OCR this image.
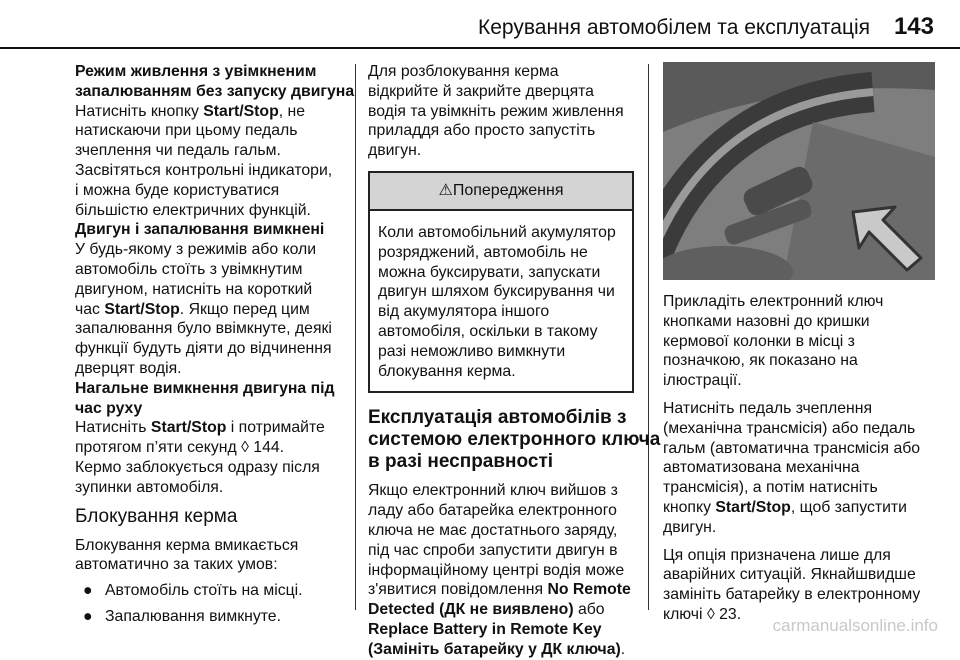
Керування автомобілем та експлуатація 143
Режим живлення з увімкненим
запалюванням без запуску двигуна
Натисніть кнопку Start/Stop, не
натискаючи при цьому педаль
зчеплення чи педаль гальм.
Засвітяться контрольні індикатори,
і можна буде користуватися
більшістю електричних функцій.
Двигун і запалювання вимкнені
У будь-якому з режимів або коли
автомобіль стоїть з увімкнутим
двигуном, натисніть на короткий
час Start/Stop. Якщо перед цим
запалювання було ввімкнуте, деякі
функції будуть діяти до відчинення
дверцят водія.
Нагальне вимкнення двигуна під
час руху
Натисніть Start/Stop і потримайте
протягом п’яти секунд ◊ 144.
Кермо заблокується одразу після
зупинки автомобіля.
Блокування керма
Блокування керма вмикається
автоматично за таких умов:
● Автомобіль стоїть на місці.
● Запалювання вимкнуте.
Для розблокування керма
відкрийте й закрийте дверцята
водія та увімкніть режим живлення
приладдя або просто запустіть
двигун.
⚠Попередження
Коли автомобільний акумулятор
розряджений, автомобіль не
можна буксирувати, запускати
двигун шляхом буксирування чи
від акумулятора іншого
автомобіля, оскільки в такому
разі неможливо вимкнути
блокування керма.
Експлуатація автомобілів з
системою електронного ключа
в разі несправності
Якщо електронний ключ вийшов з
ладу або батарейка електронного
ключа не має достатнього заряду,
під час спроби запустити двигун в
інформаційному центрі водія може
з'явитися повідомлення No Remote
Detected (ДК не виявлено) або
Replace Battery in Remote Key
(Замініть батарейку у ДК ключа).
Прикладіть електронний ключ
кнопками назовні до кришки
кермової колонки в місці з
позначкою, як показано на
ілюстрації.
Натисніть педаль зчеплення
(механічна трансмісія) або педаль
гальм (автоматична трансмісія або
автоматизована механічна
трансмісія), а потім натисніть
кнопку Start/Stop, щоб запустити
двигун.
Ця опція призначена лише для
аварійних ситуацій. Якнайшвидше
замініть батарейку в електронному
ключі ◊ 23.
carmanualsonline.info
